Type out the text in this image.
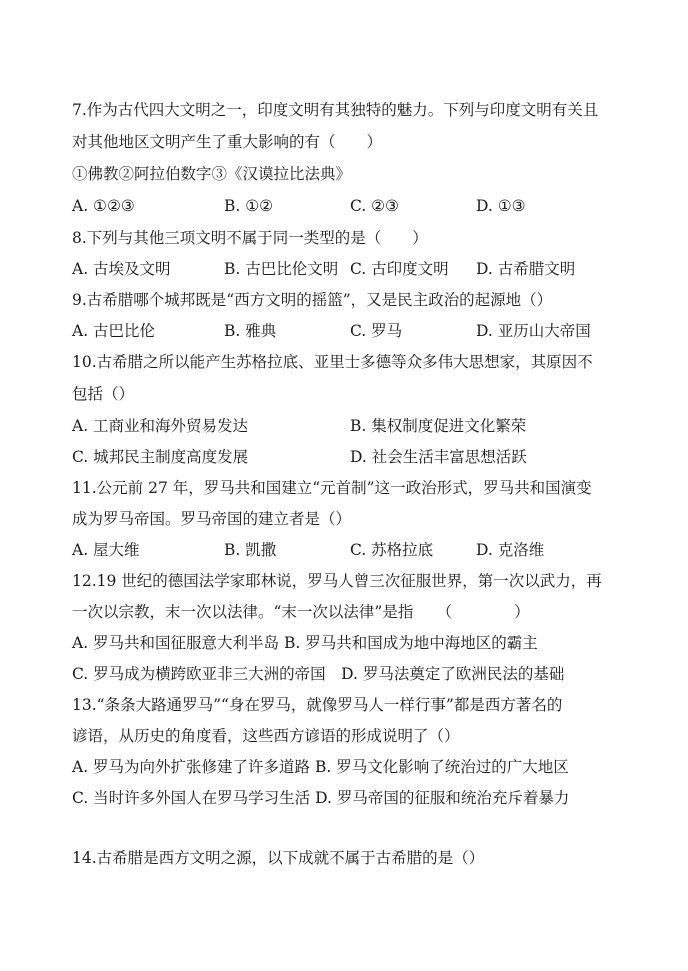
7.作为古代四大文明之一，印度文明有其独特的魅力。下列与印度文明有关且
对其他地区文明产生了重大影响的有（　　）
①佛教②阿拉伯数字③《汉谟拉比法典》
A. ①②③	B. ①②	C. ②③	D. ①③
8.下列与其他三项文明不属于同一类型的是（　　）
A. 古埃及文明	B. 古巴比伦文明 C. 古印度文明 D. 古希腊文明
9.古希腊哪个城邦既是“西方文明的摇篮”，又是民主政治的起源地（）
A. 古巴比伦	B. 雅典	C. 罗马	D. 亚历山大帝国
10.古希腊之所以能产生苏格拉底、亚里士多德等众多伟大思想家，其原因不
包括（）
A. 工商业和海外贸易发达	B. 集权制度促进文化繁荣
C. 城邦民主制度高度发展	D. 社会生活丰富思想活跃
11.公元前 27 年，罗马共和国建立“元首制”这一政治形式，罗马共和国演变
成为罗马帝国。罗马帝国的建立者是（）
A. 屋大维	B. 凯撒	C. 苏格拉底	D. 克洛维
12.19 世纪的德国法学家耶林说，罗马人曾三次征服世界，第一次以武力，再
一次以宗教，末一次以法律。“末一次以法律”是指　　（　　　　）
A. 罗马共和国征服意大利半岛 B. 罗马共和国成为地中海地区的霸主
C. 罗马成为横跨欧亚非三大洲的帝国　D. 罗马法奠定了欧洲民法的基础
13.“条条大路通罗马”“身在罗马，就像罗马人一样行事”都是西方著名的
谚语，从历史的角度看，这些西方谚语的形成说明了（）
A. 罗马为向外扩张修建了许多道路 B. 罗马文化影响了统治过的广大地区
C. 当时许多外国人在罗马学习生活 D. 罗马帝国的征服和统治充斥着暴力
14.古希腊是西方文明之源，以下成就不属于古希腊的是（）
